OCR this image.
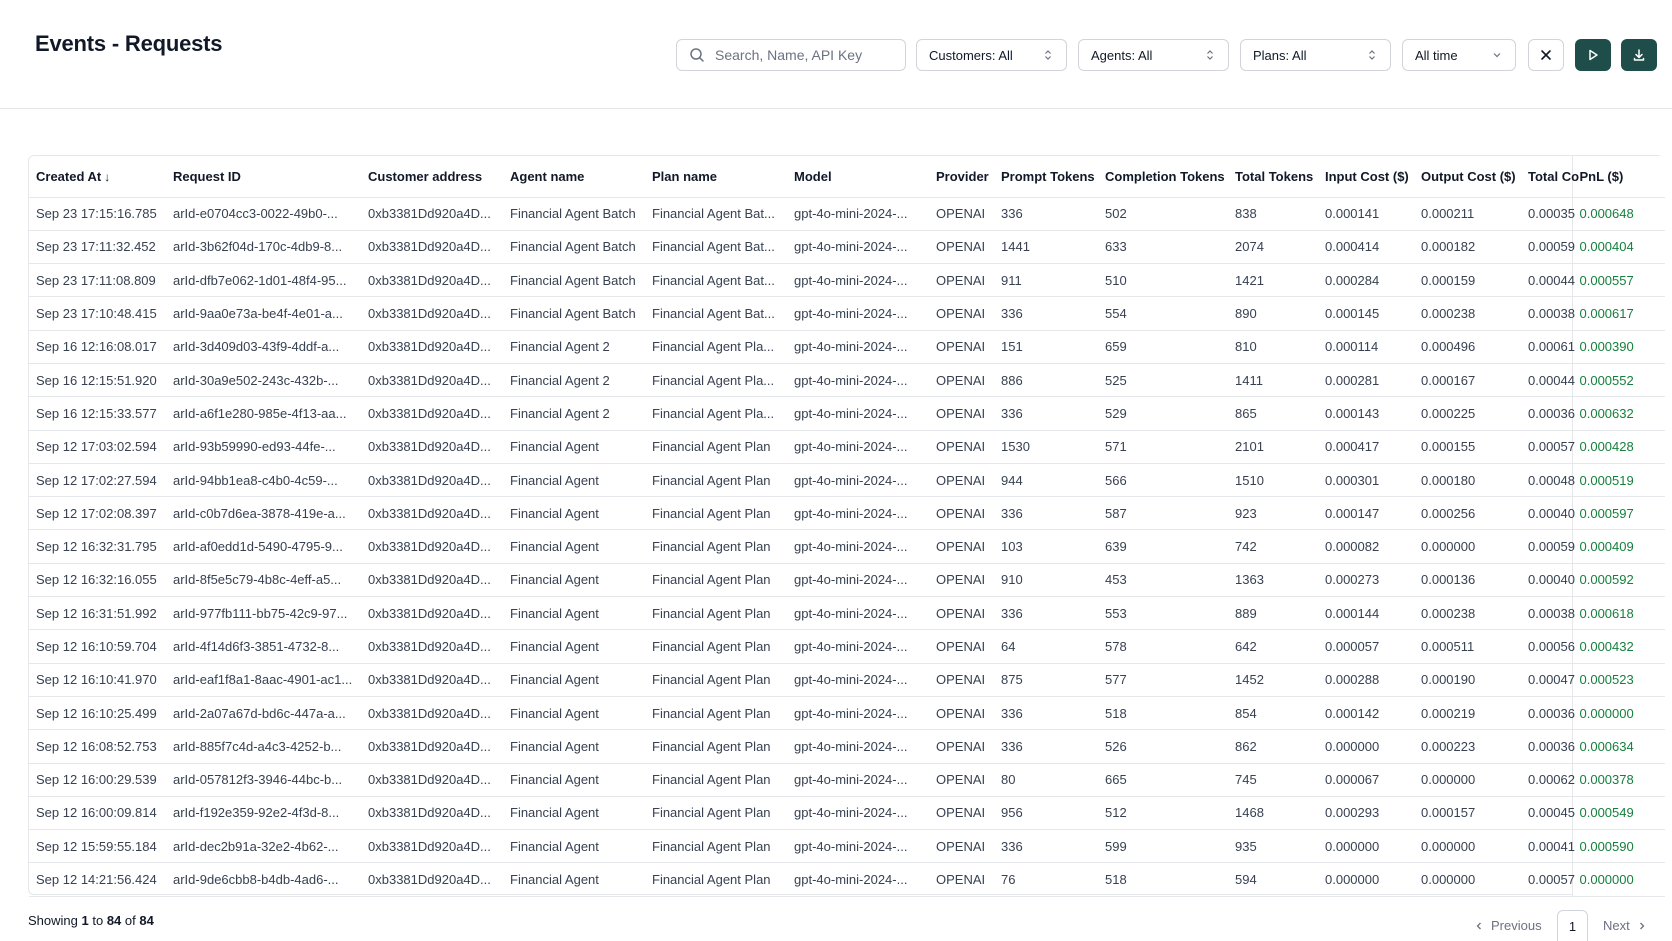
Events - Requests
Search, Name, API Key	Customers: All	Agents: All	Plans: All	All time
Created At ↓	Request ID	Customer address	Agent name	Plan name	Model	Provider	Prompt Tokens	Completion Tokens	Total Tokens	Input Cost ($)	Output Cost ($)	Total Co	PnL ($)
Sep 23 17:15:16.785	arId-e0704cc3-0022-49b0-...	0xb3381Dd920a4D...	Financial Agent Batch	Financial Agent Bat...	gpt-4o-mini-2024-...	OPENAI	336	502	838	0.000141	0.000211	0.00035	0.000648
Sep 23 17:11:32.452	arId-3b62f04d-170c-4db9-8...	0xb3381Dd920a4D...	Financial Agent Batch	Financial Agent Bat...	gpt-4o-mini-2024-...	OPENAI	1441	633	2074	0.000414	0.000182	0.00059	0.000404
Sep 23 17:11:08.809	arId-dfb7e062-1d01-48f4-95...	0xb3381Dd920a4D...	Financial Agent Batch	Financial Agent Bat...	gpt-4o-mini-2024-...	OPENAI	911	510	1421	0.000284	0.000159	0.00044	0.000557
Sep 23 17:10:48.415	arId-9aa0e73a-be4f-4e01-a...	0xb3381Dd920a4D...	Financial Agent Batch	Financial Agent Bat...	gpt-4o-mini-2024-...	OPENAI	336	554	890	0.000145	0.000238	0.00038	0.000617
Sep 16 12:16:08.017	arId-3d409d03-43f9-4ddf-a...	0xb3381Dd920a4D...	Financial Agent 2	Financial Agent Pla...	gpt-4o-mini-2024-...	OPENAI	151	659	810	0.000114	0.000496	0.00061	0.000390
Sep 16 12:15:51.920	arId-30a9e502-243c-432b-...	0xb3381Dd920a4D...	Financial Agent 2	Financial Agent Pla...	gpt-4o-mini-2024-...	OPENAI	886	525	1411	0.000281	0.000167	0.00044	0.000552
Sep 16 12:15:33.577	arId-a6f1e280-985e-4f13-aa...	0xb3381Dd920a4D...	Financial Agent 2	Financial Agent Pla...	gpt-4o-mini-2024-...	OPENAI	336	529	865	0.000143	0.000225	0.00036	0.000632
Sep 12 17:03:02.594	arId-93b59990-ed93-44fe-...	0xb3381Dd920a4D...	Financial Agent	Financial Agent Plan	gpt-4o-mini-2024-...	OPENAI	1530	571	2101	0.000417	0.000155	0.00057	0.000428
Sep 12 17:02:27.594	arId-94bb1ea8-c4b0-4c59-...	0xb3381Dd920a4D...	Financial Agent	Financial Agent Plan	gpt-4o-mini-2024-...	OPENAI	944	566	1510	0.000301	0.000180	0.00048	0.000519
Sep 12 17:02:08.397	arId-c0b7d6ea-3878-419e-a...	0xb3381Dd920a4D...	Financial Agent	Financial Agent Plan	gpt-4o-mini-2024-...	OPENAI	336	587	923	0.000147	0.000256	0.00040	0.000597
Sep 12 16:32:31.795	arId-af0edd1d-5490-4795-9...	0xb3381Dd920a4D...	Financial Agent	Financial Agent Plan	gpt-4o-mini-2024-...	OPENAI	103	639	742	0.000082	0.000000	0.00059	0.000409
Sep 12 16:32:16.055	arId-8f5e5c79-4b8c-4eff-a5...	0xb3381Dd920a4D...	Financial Agent	Financial Agent Plan	gpt-4o-mini-2024-...	OPENAI	910	453	1363	0.000273	0.000136	0.00040	0.000592
Sep 12 16:31:51.992	arId-977fb111-bb75-42c9-97...	0xb3381Dd920a4D...	Financial Agent	Financial Agent Plan	gpt-4o-mini-2024-...	OPENAI	336	553	889	0.000144	0.000238	0.00038	0.000618
Sep 12 16:10:59.704	arId-4f14d6f3-3851-4732-8...	0xb3381Dd920a4D...	Financial Agent	Financial Agent Plan	gpt-4o-mini-2024-...	OPENAI	64	578	642	0.000057	0.000511	0.00056	0.000432
Sep 12 16:10:41.970	arId-eaf1f8a1-8aac-4901-ac1...	0xb3381Dd920a4D...	Financial Agent	Financial Agent Plan	gpt-4o-mini-2024-...	OPENAI	875	577	1452	0.000288	0.000190	0.00047	0.000523
Sep 12 16:10:25.499	arId-2a07a67d-bd6c-447a-a...	0xb3381Dd920a4D...	Financial Agent	Financial Agent Plan	gpt-4o-mini-2024-...	OPENAI	336	518	854	0.000142	0.000219	0.00036	0.000000
Sep 12 16:08:52.753	arId-885f7c4d-a4c3-4252-b...	0xb3381Dd920a4D...	Financial Agent	Financial Agent Plan	gpt-4o-mini-2024-...	OPENAI	336	526	862	0.000000	0.000223	0.00036	0.000634
Sep 12 16:00:29.539	arId-057812f3-3946-44bc-b...	0xb3381Dd920a4D...	Financial Agent	Financial Agent Plan	gpt-4o-mini-2024-...	OPENAI	80	665	745	0.000067	0.000000	0.00062	0.000378
Sep 12 16:00:09.814	arId-f192e359-92e2-4f3d-8...	0xb3381Dd920a4D...	Financial Agent	Financial Agent Plan	gpt-4o-mini-2024-...	OPENAI	956	512	1468	0.000293	0.000157	0.00045	0.000549
Sep 12 15:59:55.184	arId-dec2b91a-32e2-4b62-...	0xb3381Dd920a4D...	Financial Agent	Financial Agent Plan	gpt-4o-mini-2024-...	OPENAI	336	599	935	0.000000	0.000000	0.00041	0.000590
Sep 12 14:21:56.424	arId-9de6cbb8-b4db-4ad6-...	0xb3381Dd920a4D...	Financial Agent	Financial Agent Plan	gpt-4o-mini-2024-...	OPENAI	76	518	594	0.000000	0.000000	0.00057	0.000000
Showing 1 to 84 of 84	Previous 1 Next
